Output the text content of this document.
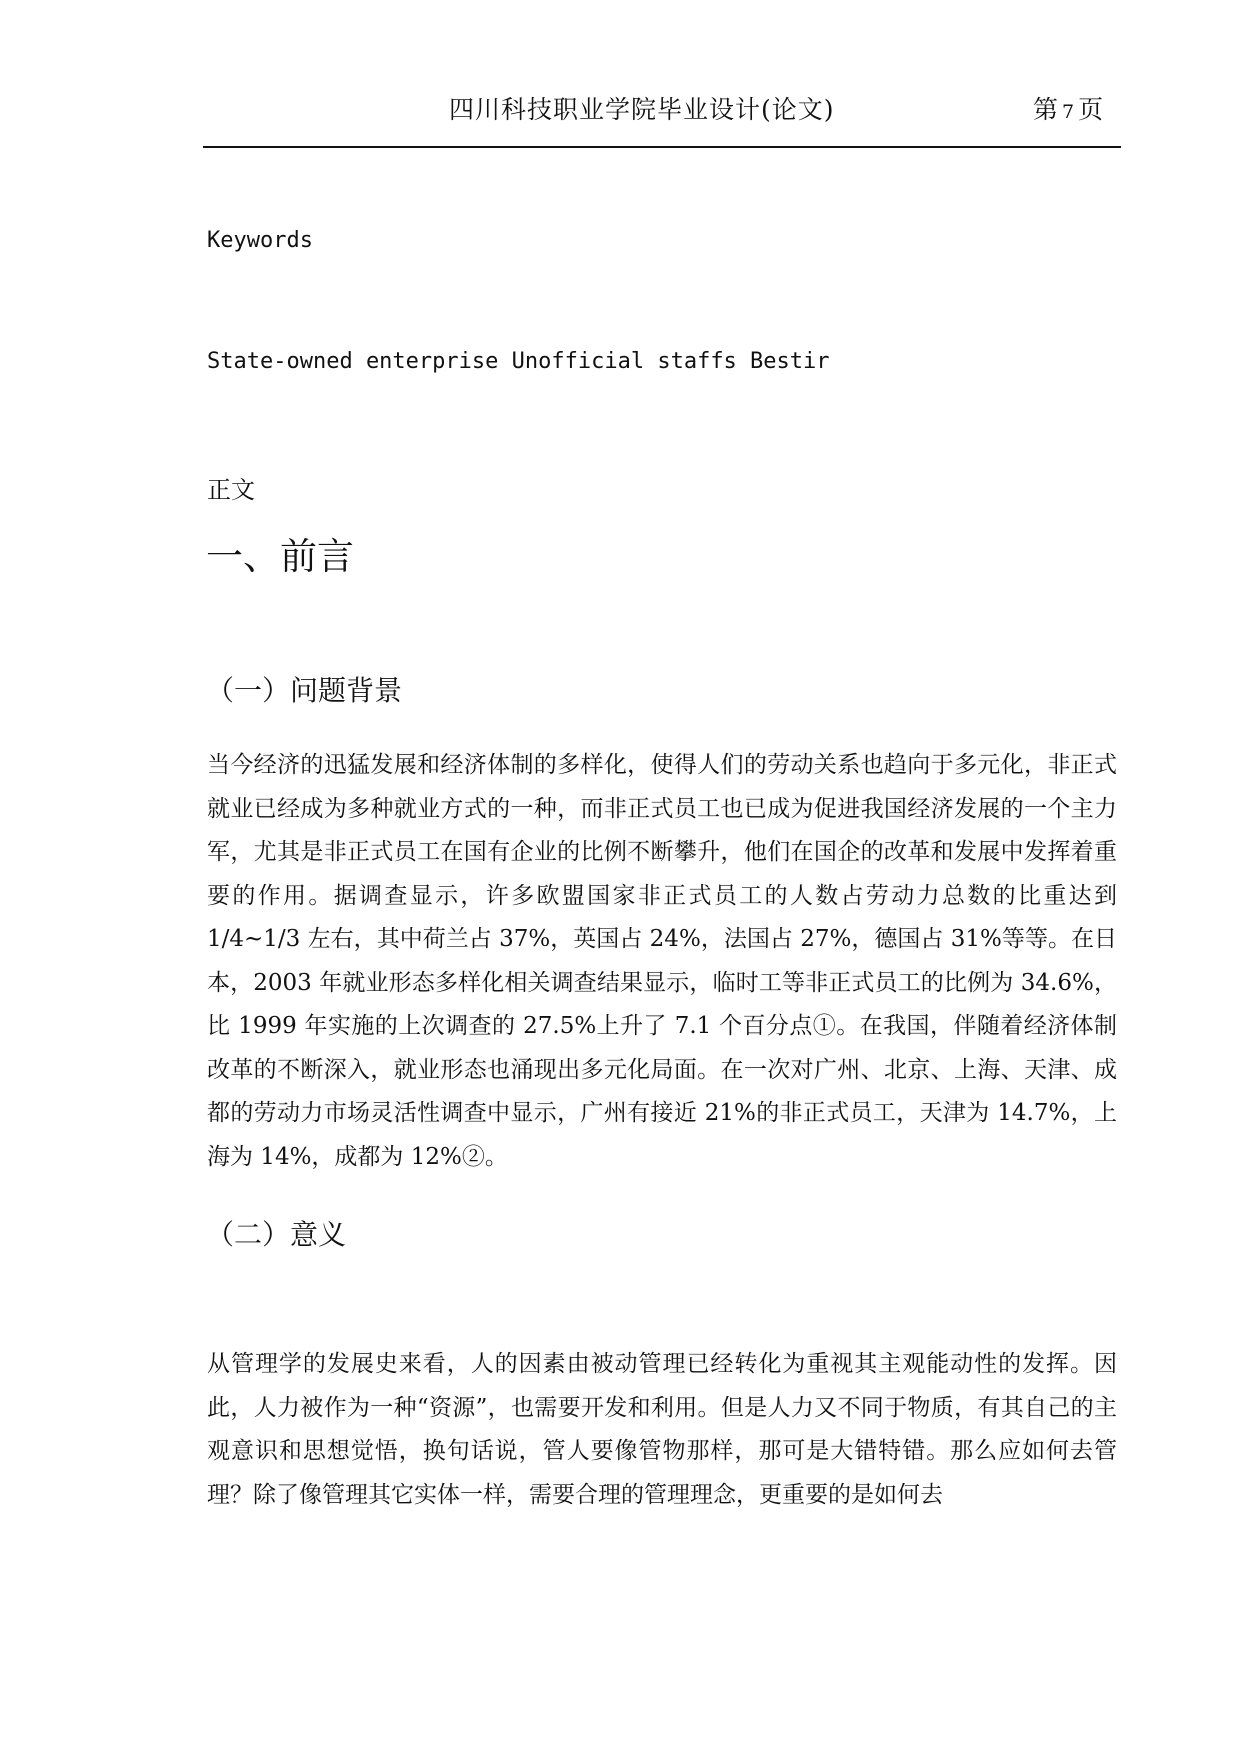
四川科技职业学院毕业设计(论文)	第 7 页
Keywords
State-owned enterprise Unofficial staffs Bestir
正文
一、前言
（一）问题背景

当今经济的迅猛发展和经济体制的多样化，使得人们的劳动关系也趋向于多元化，非正式就业已经成为多种就业方式的一种，而非正式员工也已成为促进我国经济发展的一个主力军，尤其是非正式员工在国有企业的比例不断攀升，他们在国企的改革和发展中发挥着重要的作用。据调查显示，许多欧盟国家非正式员工的人数占劳动力总数的比重达到 1/4~1/3 左右，其中荷兰占 37%，英国占 24%，法国占 27%，德国占 31%等等。在日本，2003 年就业形态多样化相关调查结果显示，临时工等非正式员工的比例为 34.6%，比 1999 年实施的上次调查的 27.5%上升了 7.1 个百分点①。在我国，伴随着经济体制改革的不断深入，就业形态也涌现出多元化局面。在一次对广州、北京、上海、天津、成都的劳动力市场灵活性调查中显示，广州有接近 21%的非正式员工，天津为 14.7%，上海为 14%，成都为 12%②。

（二）意义

从管理学的发展史来看，人的因素由被动管理已经转化为重视其主观能动性的发挥。因此，人力被作为一种“资源”，也需要开发和利用。但是人力又不同于物质，有其自己的主观意识和思想觉悟，换句话说，管人要像管物那样，那可是大错特错。那么应如何去管理？除了像管理其它实体一样，需要合理的管理理念，更重要的是如何去
